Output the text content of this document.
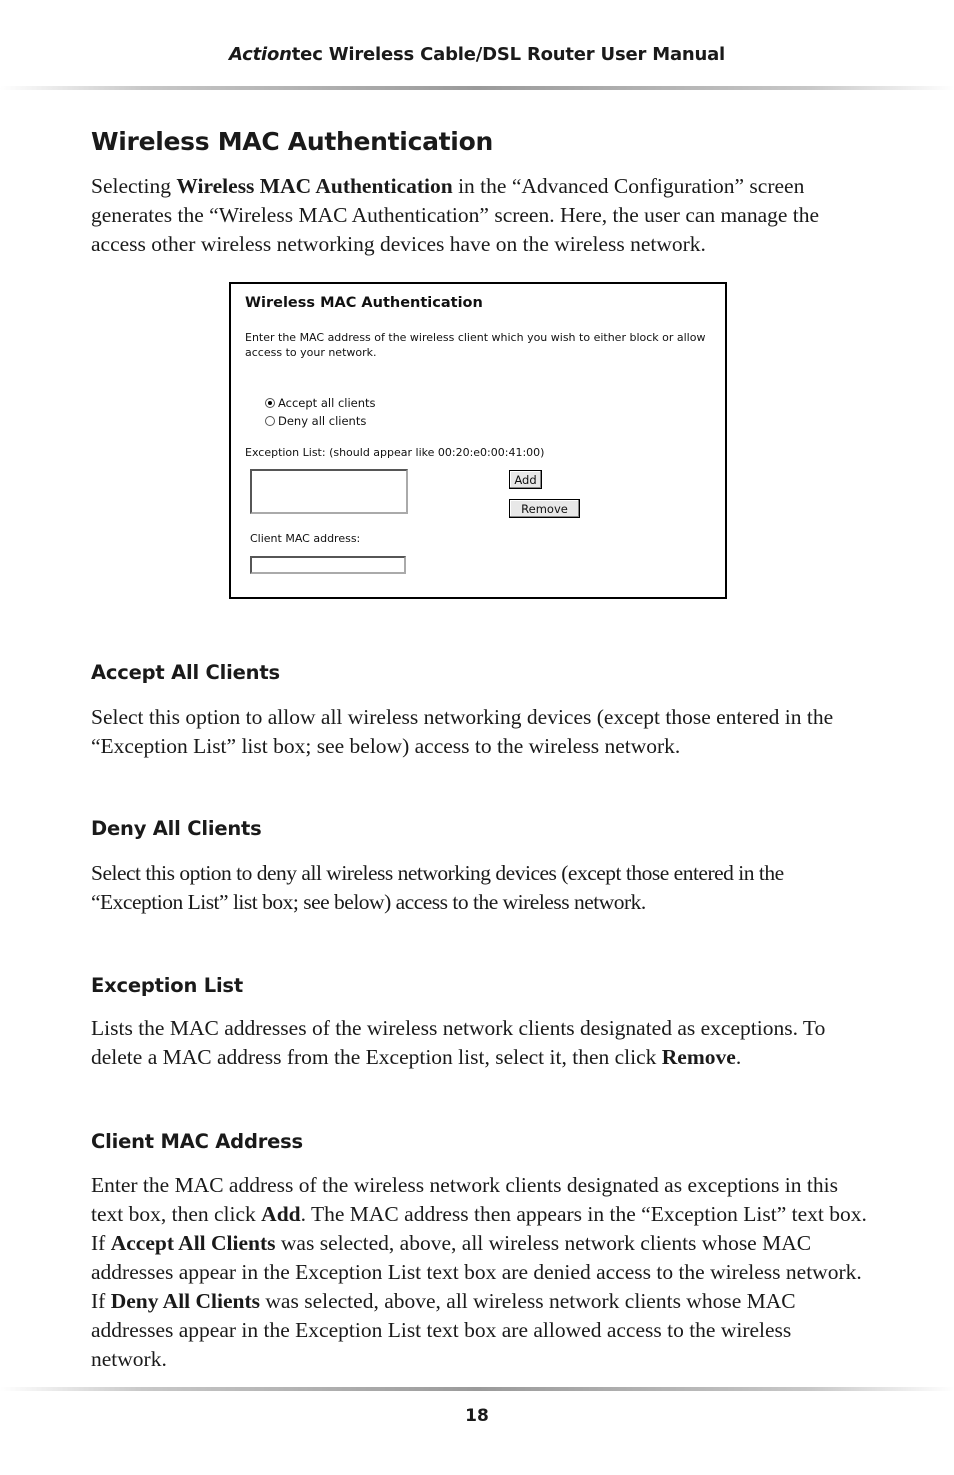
Actiontec Wireless Cable/DSL Router User Manual
Wireless MAC Authentication

Selecting Wireless MAC Authentication in the “Advanced Configuration” screen generates the “Wireless MAC Authentication” screen. Here, the user can manage the access other wireless networking devices have on the wireless network.

Wireless MAC Authentication
Enter the MAC address of the wireless client which you wish to either block or allow access to your network.
Accept all clients
Deny all clients
Exception List: (should appear like 00:20:e0:00:41:00)
Add
Remove
Client MAC address:
Accept All Clients

Select this option to allow all wireless networking devices (except those entered in the “Exception List” list box; see below) access to the wireless network.

Deny All Clients

Select this option to deny all wireless networking devices (except those entered in the “Exception List” list box; see below) access to the wireless network.

Exception List

Lists the MAC addresses of the wireless network clients designated as exceptions. To delete a MAC address from the Exception list, select it, then click Remove.

Client MAC Address

Enter the MAC address of the wireless network clients designated as exceptions in this text box, then click Add. The MAC address then appears in the “Exception List” text box. If Accept All Clients was selected, above, all wireless network clients whose MAC addresses appear in the Exception List text box are denied access to the wireless network. If Deny All Clients was selected, above, all wireless network clients whose MAC addresses appear in the Exception List text box are allowed access to the wireless network.

18
